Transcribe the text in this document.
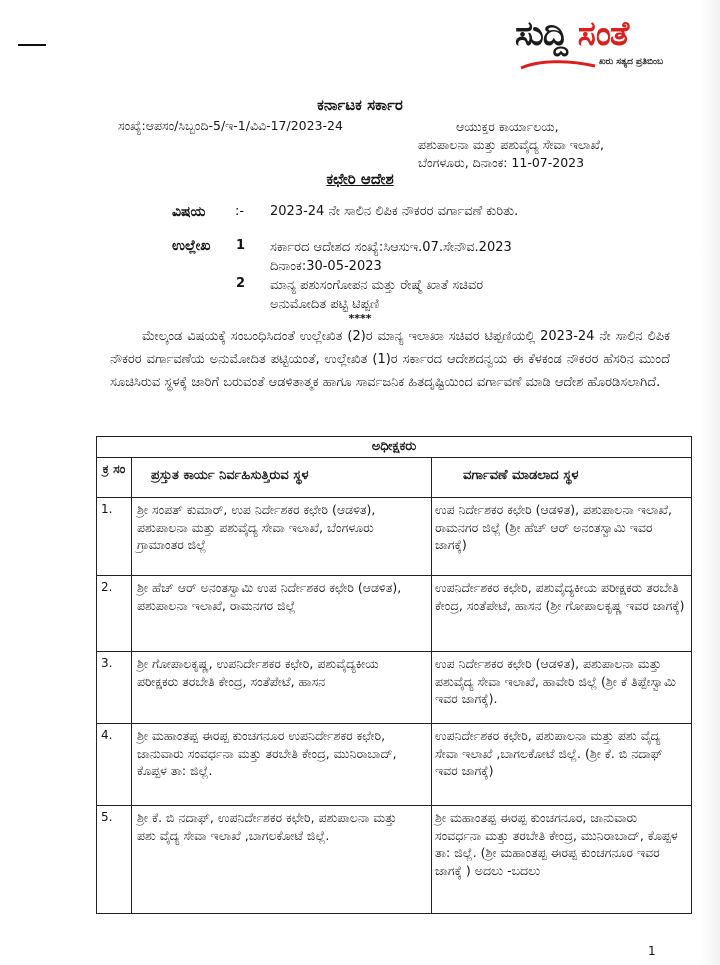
ಸುದ್ದಿ ಸಂತೆ
ಖರು ಸತ್ಯದ ಪ್ರತಿಬಿಂಬ
ಕರ್ನಾಟಕ ಸರ್ಕಾರ
ಸಂಖ್ಯೆ:ಆಪಸಂ/ಸಿಬ್ಬಂದಿ-5/ಇ-1/ವಿವಿ-17/2023-24	ಆಯುಕ್ತರ ಕಾರ್ಯಾಲಯ,
ಪಶುಪಾಲನಾ ಮತ್ತು ಪಶುವೈದ್ಯ ಸೇವಾ ಇಲಾಖೆ,
ಬೆಂಗಳೂರು, ದಿನಾಂಕ: 11-07-2023
ಕಛೇರಿ ಆದೇಶ
ವಿಷಯ :- 2023-24 ನೇ ಸಾಲಿನ ಲಿಪಿಕ ನೌಕರರ ವರ್ಗಾವಣೆ ಕುರಿತು.
ಉಲ್ಲೇಖ 1 ಸರ್ಕಾರದ ಆದೇಶದ ಸಂಖ್ಯೆ:ಸಿಆಸುಇ.07.ಸೇನೌವ.2023
ದಿನಾಂಕ:30-05-2023
2 ಮಾನ್ಯ ಪಶುಸಂಗೋಪನ ಮತ್ತು ರೇಷ್ಮೆ ಖಾತೆ ಸಚಿವರ
ಅನುಮೋದಿತ ಪಟ್ಟಿ ಟಿಪ್ಪಣಿ
****
ಮೇಲ್ಕಂಡ ವಿಷಯಕ್ಕೆ ಸಂಬಂಧಿಸಿದಂತೆ ಉಲ್ಲೇಖಿತ (2)ರ ಮಾನ್ಯ ಇಲಾಖಾ ಸಚಿವರ ಟಿಪ್ಪಣಿಯಲ್ಲಿ 2023-24 ನೇ ಸಾಲಿನ ಲಿಪಿಕ ನೌಕರರ ವರ್ಗಾವಣೆಯ ಅನುಮೋದಿತ ಪಟ್ಟಿಯಂತೆ, ಉಲ್ಲೇಖಿತ (1)ರ ಸರ್ಕಾರದ ಆದೇಶದನ್ವಯ ಈ ಕೆಳಕಂಡ ನೌಕರರ ಹೆಸರಿನ ಮುಂದೆ ಸೂಚಿಸಿರುವ ಸ್ಥಳಕ್ಕೆ ಜಾರಿಗೆ ಬರುವಂತೆ ಆಡಳಿತಾತ್ಮಕ ಹಾಗೂ ಸಾರ್ವಜನಿಕ ಹಿತದೃಷ್ಟಿಯಿಂದ ವರ್ಗಾವಣೆ ಮಾಡಿ ಆದೇಶ ಹೊರಡಿಸಲಾಗಿದೆ.
ಅಧೀಕ್ಷಕರು
ಕ್ರ ಸಂ ಪ್ರಸ್ತುತ ಕಾರ್ಯ ನಿರ್ವಹಿಸುತ್ತಿರುವ ಸ್ಥಳ	ವರ್ಗಾವಣೆ ಮಾಡಲಾದ ಸ್ಥಳ
1. ಶ್ರೀ ಸಂಪತ್ ಕುಮಾರ್, ಉಪ ನಿರ್ದೇಶಕರ ಕಛೇರಿ (ಆಡಳಿತ), ಪಶುಪಾಲನಾ ಮತ್ತು ಪಶುವೈದ್ಯ ಸೇವಾ ಇಲಾಖೆ, ಬೆಂಗಳೂರು ಗ್ರಾಮಾಂತರ ಜಿಲ್ಲೆ
ಉಪ ನಿರ್ದೇಶಕರ ಕಛೇರಿ (ಆಡಳಿತ), ಪಶುಪಾಲನಾ ಇಲಾಖೆ, ರಾಮನಗರ ಜಿಲ್ಲೆ (ಶ್ರೀ ಹೆಚ್ ಆರ್ ಅನಂತಸ್ವಾಮಿ ಇವರ ಜಾಗಕ್ಕೆ)
2. ಶ್ರೀ ಹೆಚ್ ಆರ್ ಅನಂತಸ್ವಾಮಿ ಉಪ ನಿರ್ದೇಶಕರ ಕಛೇರಿ (ಆಡಳಿತ), ಪಶುಪಾಲನಾ ಇಲಾಖೆ, ರಾಮನಗರ ಜಿಲ್ಲೆ
ಉಪನಿರ್ದೇಶಕರ ಕಛೇರಿ, ಪಶುವೈದ್ಯಕೀಯ ಪರೀಕ್ಷಕರು ತರಬೇತಿ ಕೇಂದ್ರ, ಸಂತೆಪೇಟೆ, ಹಾಸನ (ಶ್ರೀ ಗೋಪಾಲಕೃಷ್ಣ ಇವರ ಜಾಗಕ್ಕೆ)
3. ಶ್ರೀ ಗೋಪಾಲಕೃಷ್ಣ, ಉಪನಿರ್ದೇಶಕರ ಕಛೇರಿ, ಪಶುವೈದ್ಯಕೀಯ ಪರೀಕ್ಷಕರು ತರಬೇತಿ ಕೇಂದ್ರ, ಸಂತೆಪೇಟೆ, ಹಾಸನ
ಉಪ ನಿರ್ದೇಶಕರ ಕಛೇರಿ (ಆಡಳಿತ), ಪಶುಪಾಲನಾ ಮತ್ತು ಪಶುವೈದ್ಯ ಸೇವಾ ಇಲಾಖೆ, ಹಾವೇರಿ ಜಿಲ್ಲೆ (ಶ್ರೀ ಕೆ ತಿಪ್ಪೇಸ್ವಾಮಿ ಇವರ ಜಾಗಕ್ಕೆ).
4. ಶ್ರೀ ಮಹಾಂತಪ್ಪ ಈರಪ್ಪ ಕುಂಚಗನೂರ ಉಪನಿರ್ದೇಶಕರ ಕಛೇರಿ, ಜಾನುವಾರು ಸಂವರ್ಧನಾ ಮತ್ತು ತರಬೇತಿ ಕೇಂದ್ರ, ಮುನಿರಾಬಾದ್, ಕೊಪ್ಪಳ ತಾ: ಜಿಲ್ಲೆ.
ಉಪನಿರ್ದೇಶಕರ ಕಛೇರಿ, ಪಶುಪಾಲನಾ ಮತ್ತು ಪಶು ವೈದ್ಯ ಸೇವಾ ಇಲಾಖೆ ,ಬಾಗಲಕೋಟೆ ಜಿಲ್ಲೆ. (ಶ್ರೀ ಕೆ. ಬಿ ನದಾಫ್ ಇವರ ಜಾಗಕ್ಕೆ)
5. ಶ್ರೀ ಕೆ. ಬಿ ನದಾಫ್, ಉಪನಿರ್ದೇಶಕರ ಕಛೇರಿ, ಪಶುಪಾಲನಾ ಮತ್ತು ಪಶು ವೈದ್ಯ ಸೇವಾ ಇಲಾಖೆ ,ಬಾಗಲಕೋಟೆ ಜಿಲ್ಲೆ.
ಶ್ರೀ ಮಹಾಂತಪ್ಪ ಈರಪ್ಪ ಕುಂಚಗನೂರ, ಜಾನುವಾರು ಸಂವರ್ಧನಾ ಮತ್ತು ತರಬೇತಿ ಕೇಂದ್ರ, ಮುನಿರಾಬಾದ್, ಕೊಪ್ಪಳ ತಾ: ಜಿಲ್ಲೆ. (ಶ್ರೀ ಮಹಾಂತಪ್ಪ ಈರಪ್ಪ ಕುಂಚಗನೂರ ಇವರ ಜಾಗಕ್ಕೆ ) ಅದಲು -ಬದಲು
1
